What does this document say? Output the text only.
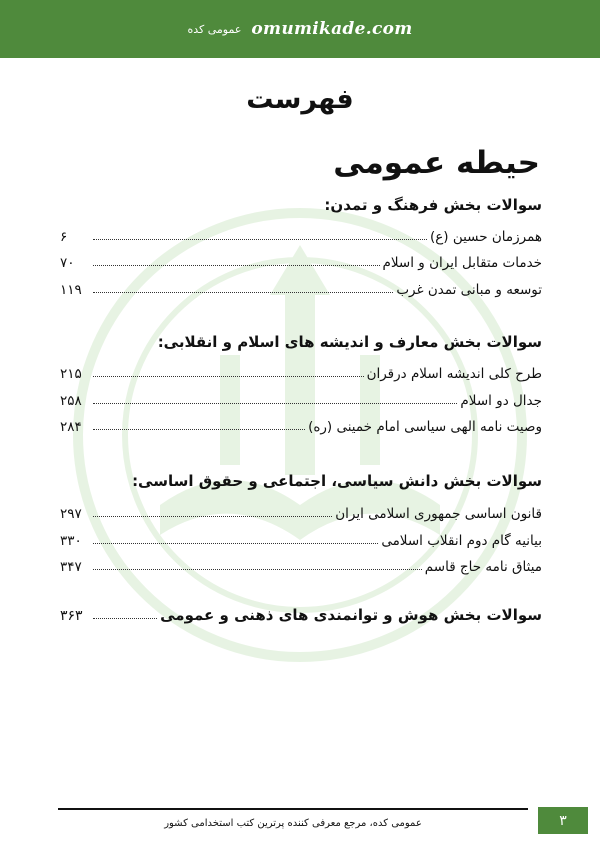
عمومی کده omumikade.com
فهرست
حیطه عمومی
سوالات بخش فرهنگ و تمدن:
همرزمان حسین (ع)
۶
خدمات متقابل ایران و اسلام
۷۰
توسعه و مبانی تمدن غرب
۱۱۹
سوالات بخش معارف و اندیشه های اسلام و انقلابی:
طرح کلی اندیشه اسلام درقران
۲۱۵
جدال دو اسلام
۲۵۸
وصیت نامه الهی سیاسی امام خمینی (ره)
۲۸۴
سوالات بخش دانش سیاسی، اجتماعی و حقوق اساسی:
قانون اساسی جمهوری اسلامی ایران
۲۹۷
بیانیه گام دوم انقلاب اسلامی
۳۳۰
میثاق نامه حاج قاسم
۳۴۷
سوالات بخش هوش و توانمندی های ذهنی و عمومی
۳۶۳
عمومی کده، مرجع معرفی کننده پرترین کتب استخدامی کشور	۳
